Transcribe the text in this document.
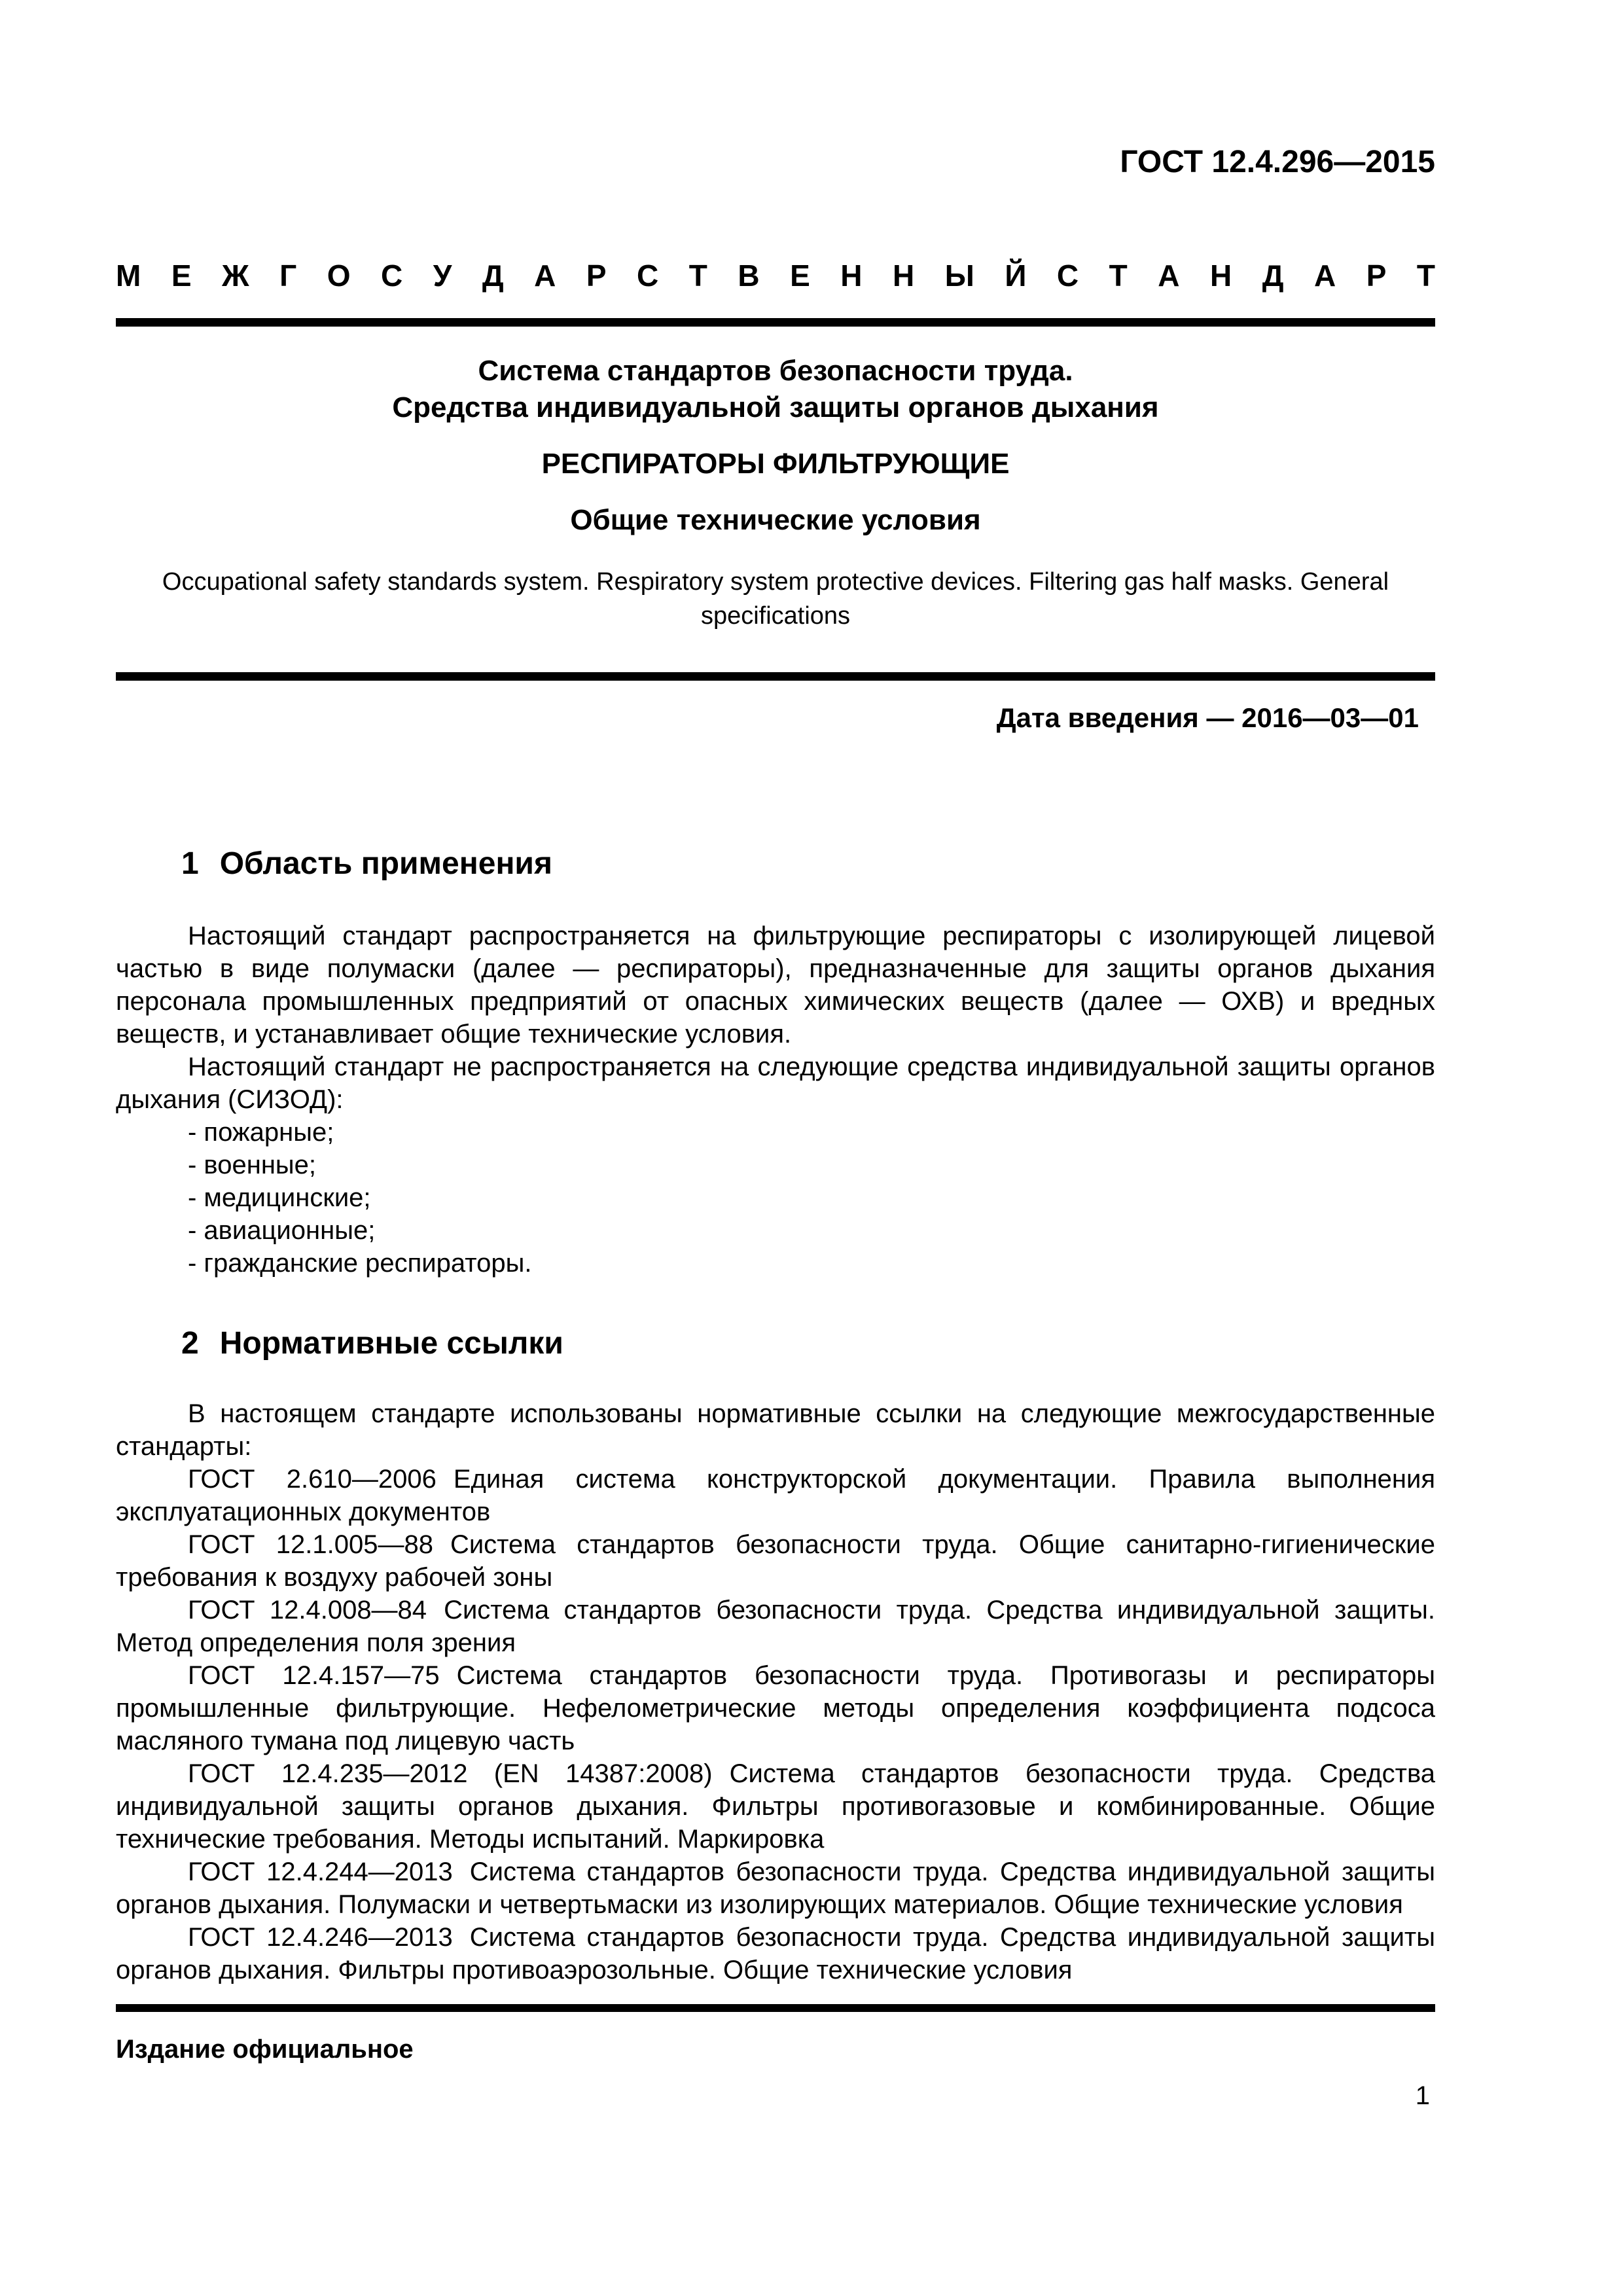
ГОСТ 12.4.296—2015
М Е Ж Г О С У Д А Р С Т В Е Н Н Ы Й С Т А Н Д А Р Т

Система стандартов безопасности труда.

Средства индивидуальной защиты органов дыхания

РЕСПИРАТОРЫ ФИЛЬТРУЮЩИЕ

Общие технические условия

Occupational safety standards system. Respiratory system protective devices. Filtering gas half мasks. General specifications

Дата введения — 2016—03—01
1 Область применения

Настоящий стандарт распространяется на фильтрующие респираторы с изолирующей лицевой частью в виде полумаски (далее — респираторы), предназначенные для защиты органов дыхания персонала промышленных предприятий от опасных химических веществ (далее — ОХВ) и вредных веществ, и устанавливает общие технические условия.

Настоящий стандарт не распространяется на следующие средства индивидуальной защиты органов дыхания (СИЗОД):

- пожарные;

- военные;

- медицинские;

- авиационные;

- гражданские респираторы.

2 Нормативные ссылки

В настоящем стандарте использованы нормативные ссылки на следующие межгосударственные стандарты:

ГОСТ 2.610—2006 Единая система конструкторской документации. Правила выполнения эксплуатационных документов

ГОСТ 12.1.005—88 Система стандартов безопасности труда. Общие санитарно-гигиенические требования к воздуху рабочей зоны

ГОСТ 12.4.008—84 Система стандартов безопасности труда. Средства индивидуальной защиты. Метод определения поля зрения

ГОСТ 12.4.157—75 Система стандартов безопасности труда. Противогазы и респираторы промышленные фильтрующие. Нефелометрические методы определения коэффициента подсоса масляного тумана под лицевую часть

ГОСТ 12.4.235—2012 (EN 14387:2008) Система стандартов безопасности труда. Средства индивидуальной защиты органов дыхания. Фильтры противогазовые и комбинированные. Общие технические требования. Методы испытаний. Маркировка

ГОСТ 12.4.244—2013 Система стандартов безопасности труда. Средства индивидуальной защиты органов дыхания. Полумаски и четвертьмаски из изолирующих материалов. Общие технические условия

ГОСТ 12.4.246—2013 Система стандартов безопасности труда. Средства индивидуальной защиты органов дыхания. Фильтры противоаэрозольные. Общие технические условия

Издание официальное

1
